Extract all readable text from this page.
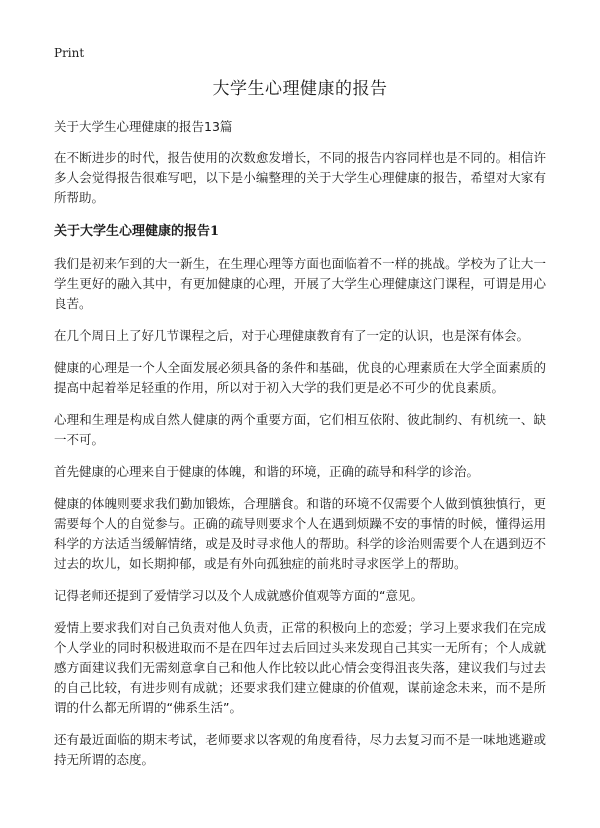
Print
大学生心理健康的报告
关于大学生心理健康的报告13篇

在不断进步的时代，报告使用的次数愈发增长，不同的报告内容同样也是不同的。相信许多人会觉得报告很难写吧，以下是小编整理的关于大学生心理健康的报告，希望对大家有所帮助。

关于大学生心理健康的报告1

我们是初来乍到的大一新生，在生理心理等方面也面临着不一样的挑战。学校为了让大一学生更好的融入其中，有更加健康的心理，开展了大学生心理健康这门课程，可谓是用心良苦。

在几个周日上了好几节课程之后，对于心理健康教育有了一定的认识，也是深有体会。

健康的心理是一个人全面发展必须具备的条件和基础，优良的心理素质在大学全面素质的提高中起着举足轻重的作用，所以对于初入大学的我们更是必不可少的优良素质。

心理和生理是构成自然人健康的两个重要方面，它们相互依附、彼此制约、有机统一、缺一不可。

首先健康的心理来自于健康的体魄，和谐的环境，正确的疏导和科学的诊治。

健康的体魄则要求我们勤加锻炼，合理膳食。和谐的环境不仅需要个人做到慎独慎行，更需要每个人的自觉参与。正确的疏导则要求个人在遇到烦躁不安的事情的时候，懂得运用科学的方法适当缓解情绪，或是及时寻求他人的帮助。科学的诊治则需要个人在遇到迈不过去的坎儿，如长期抑郁，或是有外向孤独症的前兆时寻求医学上的帮助。

记得老师还提到了爱情学习以及个人成就感价值观等方面的“意见。

爱情上要求我们对自己负责对他人负责，正常的积极向上的恋爱；学习上要求我们在完成个人学业的同时积极进取而不是在四年过去后回过头来发现自己其实一无所有；个人成就感方面建议我们无需刻意拿自己和他人作比较以此心情会变得沮丧失落，建议我们与过去的自己比较，有进步则有成就；还要求我们建立健康的价值观，谋前途念未来，而不是所谓的什么都无所谓的“佛系生活”。

还有最近面临的期末考试，老师要求以客观的角度看待，尽力去复习而不是一味地逃避或持无所谓的态度。
